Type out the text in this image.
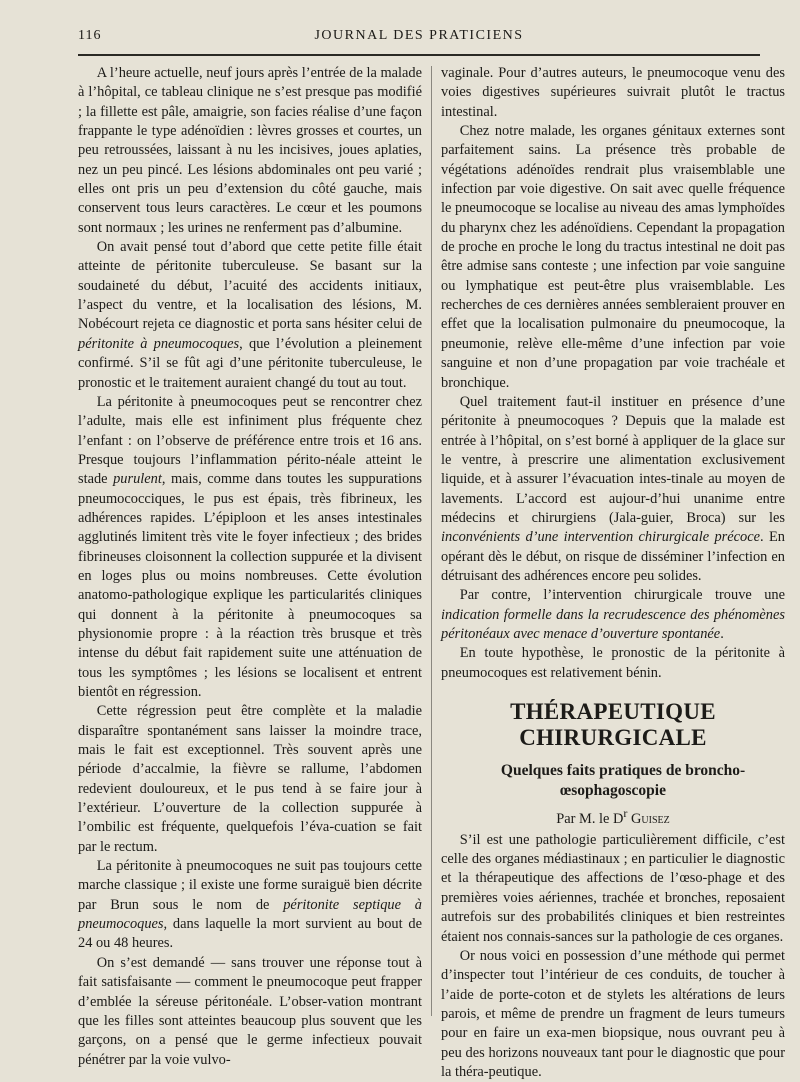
116	JOURNAL DES PRATICIENS

A l’heure actuelle, neuf jours après l’entrée de la malade à l’hôpital, ce tableau clinique ne s’est presque pas modifié ; la fillette est pâle, amaigrie, son facies réalise d’une façon frappante le type adénoïdien : lèvres grosses et courtes, un peu retroussées, laissant à nu les incisives, joues aplaties, nez un peu pincé. Les lésions abdominales ont peu varié ; elles ont pris un peu d’extension du côté gauche, mais conservent tous leurs caractères. Le cœur et les poumons sont normaux ; les urines ne renferment pas d’albumine.

On avait pensé tout d’abord que cette petite fille était atteinte de péritonite tuberculeuse. Se basant sur la soudaineté du début, l’acuité des accidents initiaux, l’aspect du ventre, et la localisation des lésions, M. Nobécourt rejeta ce diagnostic et porta sans hésiter celui de péritonite à pneumocoques, que l’évolution a pleinement confirmé. S’il se fût agi d’une péritonite tuberculeuse, le pronostic et le traitement auraient changé du tout au tout.

La péritonite à pneumocoques peut se rencontrer chez l’adulte, mais elle est infiniment plus fréquente chez l’enfant : on l’observe de préférence entre trois et 16 ans. Presque toujours l’inflammation périto-néale atteint le stade purulent, mais, comme dans toutes les suppurations pneumococciques, le pus est épais, très fibrineux, les adhérences rapides. L’épiploon et les anses intestinales agglutinés limitent très vite le foyer infectieux ; des brides fibrineuses cloisonnent la collection suppurée et la divisent en loges plus ou moins nombreuses. Cette évolution anatomo-pathologique explique les particularités cliniques qui donnent à la péritonite à pneumocoques sa physionomie propre : à la réaction très brusque et très intense du début fait rapidement suite une atténuation de tous les symptômes ; les lésions se localisent et entrent bientôt en régression.

Cette régression peut être complète et la maladie disparaître spontanément sans laisser la moindre trace, mais le fait est exceptionnel. Très souvent après une période d’accalmie, la fièvre se rallume, l’abdomen redevient douloureux, et le pus tend à se faire jour à l’extérieur. L’ouverture de la collection suppurée à l’ombilic est fréquente, quelquefois l’éva-cuation se fait par le rectum.

La péritonite à pneumocoques ne suit pas toujours cette marche classique ; il existe une forme suraiguë bien décrite par Brun sous le nom de péritonite septique à pneumocoques, dans laquelle la mort survient au bout de 24 ou 48 heures.

On s’est demandé — sans trouver une réponse tout à fait satisfaisante — comment le pneumocoque peut frapper d’emblée la séreuse péritonéale. L’obser-vation montrant que les filles sont atteintes beaucoup plus souvent que les garçons, on a pensé que le germe infectieux pouvait pénétrer par la voie vulvo-

vaginale. Pour d’autres auteurs, le pneumocoque venu des voies digestives supérieures suivrait plutôt le tractus intestinal.

Chez notre malade, les organes génitaux externes sont parfaitement sains. La présence très probable de végétations adénoïdes rendrait plus vraisemblable une infection par voie digestive. On sait avec quelle fréquence le pneumocoque se localise au niveau des amas lymphoïdes du pharynx chez les adénoïdiens. Cependant la propagation de proche en proche le long du tractus intestinal ne doit pas être admise sans conteste ; une infection par voie sanguine ou lymphatique est peut-être plus vraisemblable. Les recherches de ces dernières années sembleraient prouver en effet que la localisation pulmonaire du pneumocoque, la pneumonie, relève elle-même d’une infection par voie sanguine et non d’une propagation par voie trachéale et bronchique.

Quel traitement faut-il instituer en présence d’une péritonite à pneumocoques ? Depuis que la malade est entrée à l’hôpital, on s’est borné à appliquer de la glace sur le ventre, à prescrire une alimentation exclusivement liquide, et à assurer l’évacuation intes-tinale au moyen de lavements. L’accord est aujour-d’hui unanime entre médecins et chirurgiens (Jala-guier, Broca) sur les inconvénients d’une intervention chirurgicale précoce. En opérant dès le début, on risque de disséminer l’infection en détruisant des adhérences encore peu solides.

Par contre, l’intervention chirurgicale trouve une indication formelle dans la recrudescence des phénomènes péritonéaux avec menace d’ouverture spontanée.

En toute hypothèse, le pronostic de la péritonite à pneumocoques est relativement bénin.

THÉRAPEUTIQUE CHIRURGICALE

Quelques faits pratiques de broncho-œsophagoscopie

Par M. le $D^r$ Guisez

S’il est une pathologie particulièrement difficile, c’est celle des organes médiastinaux ; en particulier le diagnostic et la thérapeutique des affections de l’œso-phage et des premières voies aériennes, trachée et bronches, reposaient autrefois sur des probabilités cliniques et bien restreintes étaient nos connais-sances sur la pathologie de ces organes.

Or nous voici en possession d’une méthode qui permet d’inspecter tout l’intérieur de ces conduits, de toucher à l’aide de porte-coton et de stylets les altérations de leurs parois, et même de prendre un fragment de leurs tumeurs pour en faire un exa-men biopsique, nous ouvrant peu à peu des horizons nouveaux tant pour le diagnostic que pour la théra-peutique.
